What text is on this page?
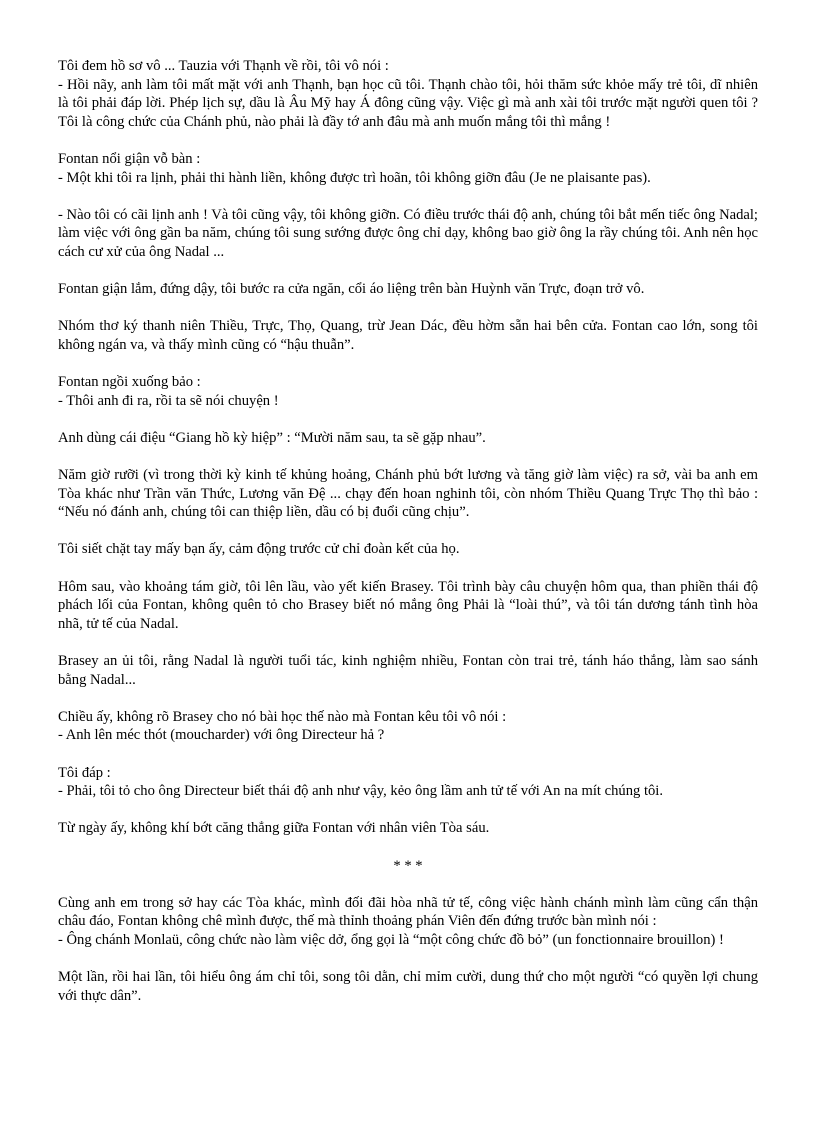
Tôi đem hồ sơ vô ... Tauzia với Thạnh về rồi, tôi vô nói :
- Hồi nãy, anh làm tôi mất mặt với anh Thạnh, bạn học cũ tôi. Thạnh chào tôi, hỏi thăm sức khỏe mấy trẻ tôi, dĩ nhiên là tôi phải đáp lời. Phép lịch sự, dầu là Âu Mỹ hay Á đông cũng vậy. Việc gì mà anh xài tôi trước mặt người quen tôi ? Tôi là công chức của Chánh phủ, nào phải là đầy tớ anh đâu mà anh muốn mắng tôi thì mắng !
Fontan nổi giận vỗ bàn :
- Một khi tôi ra lịnh, phải thi hành liền, không được trì hoãn, tôi không giỡn đâu (Je ne plaisante pas).
- Nào tôi có cãi lịnh anh ! Và tôi cũng vậy, tôi không giỡn. Có điều trước thái độ anh, chúng tôi bắt mến tiếc ông Nadal; làm việc với ông gần ba năm, chúng tôi sung sướng được ông chỉ dạy, không bao giờ ông la rầy chúng tôi. Anh nên học cách cư xử của ông Nadal ...
Fontan giận lắm, đứng dậy, tôi bước ra cửa ngăn, cổi áo liệng trên bàn Huỳnh văn Trực, đoạn trở vô.
Nhóm thơ ký thanh niên Thiều, Trực, Thọ, Quang, trừ Jean Dác, đều hờm sẵn hai bên cửa. Fontan cao lớn, song tôi không ngán va, và thấy mình cũng có “hậu thuẫn”.
Fontan ngồi xuống bảo :
- Thôi anh đi ra, rồi ta sẽ nói chuyện !
Anh dùng cái điệu “Giang hồ kỳ hiệp” : “Mười năm sau, ta sẽ gặp nhau”.
Năm giờ rưỡi (vì trong thời kỳ kinh tế khủng hoảng, Chánh phủ bớt lương và tăng giờ làm việc) ra sở, vài ba anh em Tòa khác như Trần văn Thức, Lương văn Đệ ... chạy đến hoan nghinh tôi, còn nhóm Thiều Quang Trực Thọ thì bảo : “Nếu nó đánh anh, chúng tôi can thiệp liền, dầu có bị đuổi cũng chịu”.
Tôi siết chặt tay mấy bạn ấy, cảm động trước cử chỉ đoàn kết của họ.
Hôm sau, vào khoảng tám giờ, tôi lên lầu, vào yết kiến Brasey. Tôi trình bày câu chuyện hôm qua, than phiền thái độ phách lối của Fontan, không quên tỏ cho Brasey biết nó mắng ông Phải là “loài thú”, và tôi tán dương tánh tình hòa nhã, tử tế của Nadal.
Brasey an ủi tôi, rằng Nadal là người tuổi tác, kinh nghiệm nhiều, Fontan còn trai trẻ, tánh háo thắng, làm sao sánh bằng Nadal...
Chiều ấy, không rõ Brasey cho nó bài học thế nào mà Fontan kêu tôi vô nói :
- Anh lên méc thót (moucharder) với ông Directeur hả ?
Tôi đáp :
- Phải, tôi tỏ cho ông Directeur biết thái độ anh như vậy, kẻo ông lầm anh tử tế với An na mít chúng tôi.
Từ ngày ấy, không khí bớt căng thẳng giữa Fontan với nhân viên Tòa sáu.
* * *
Cùng anh em trong sở hay các Tòa khác, mình đối đãi hòa nhã tử tế, công việc hành chánh mình làm cũng cẩn thận châu đáo, Fontan không chê mình được, thế mà thỉnh thoảng phán Viên đến đứng trước bàn mình nói :
- Ông chánh Monlaü, công chức nào làm việc dở, ổng gọi là “một công chức đồ bỏ” (un fonctionnaire brouillon) !
Một lần, rồi hai lần, tôi hiểu ông ám chỉ tôi, song tôi dằn, chỉ mỉm cười, dung thứ cho một người “có quyền lợi chung với thực dân”.
